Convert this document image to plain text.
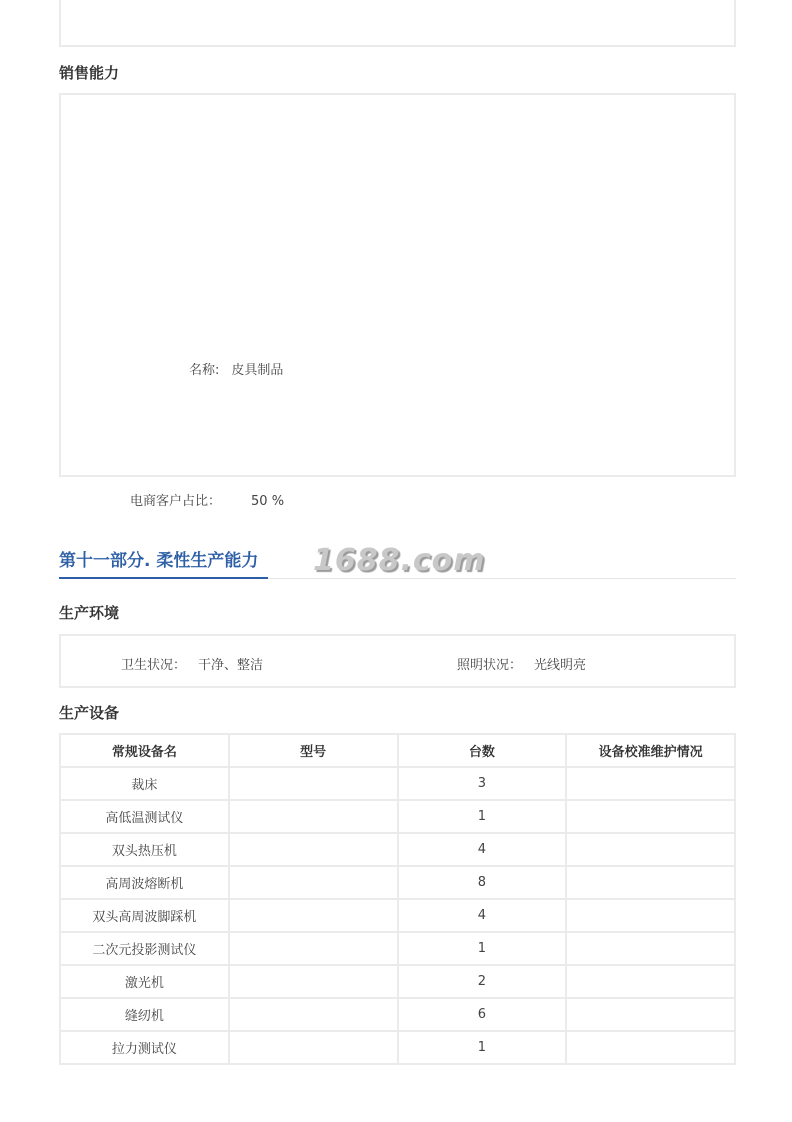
销售能力
名称: 皮具制品
电商客户占比： 50 %
第十一部分. 柔性生产能力 1688.com
生产环境
卫生状况： 干净、整洁	照明状况： 光线明亮
生产设备
常规设备名	型号	台数	设备校准维护情况
裁床		3	
高低温测试仪		1	
双头热压机		4	
高周波熔断机		8	
双头高周波脚踩机		4	
二次元投影测试仪		1	
激光机		2	
缝纫机		6	
拉力测试仪		1	
